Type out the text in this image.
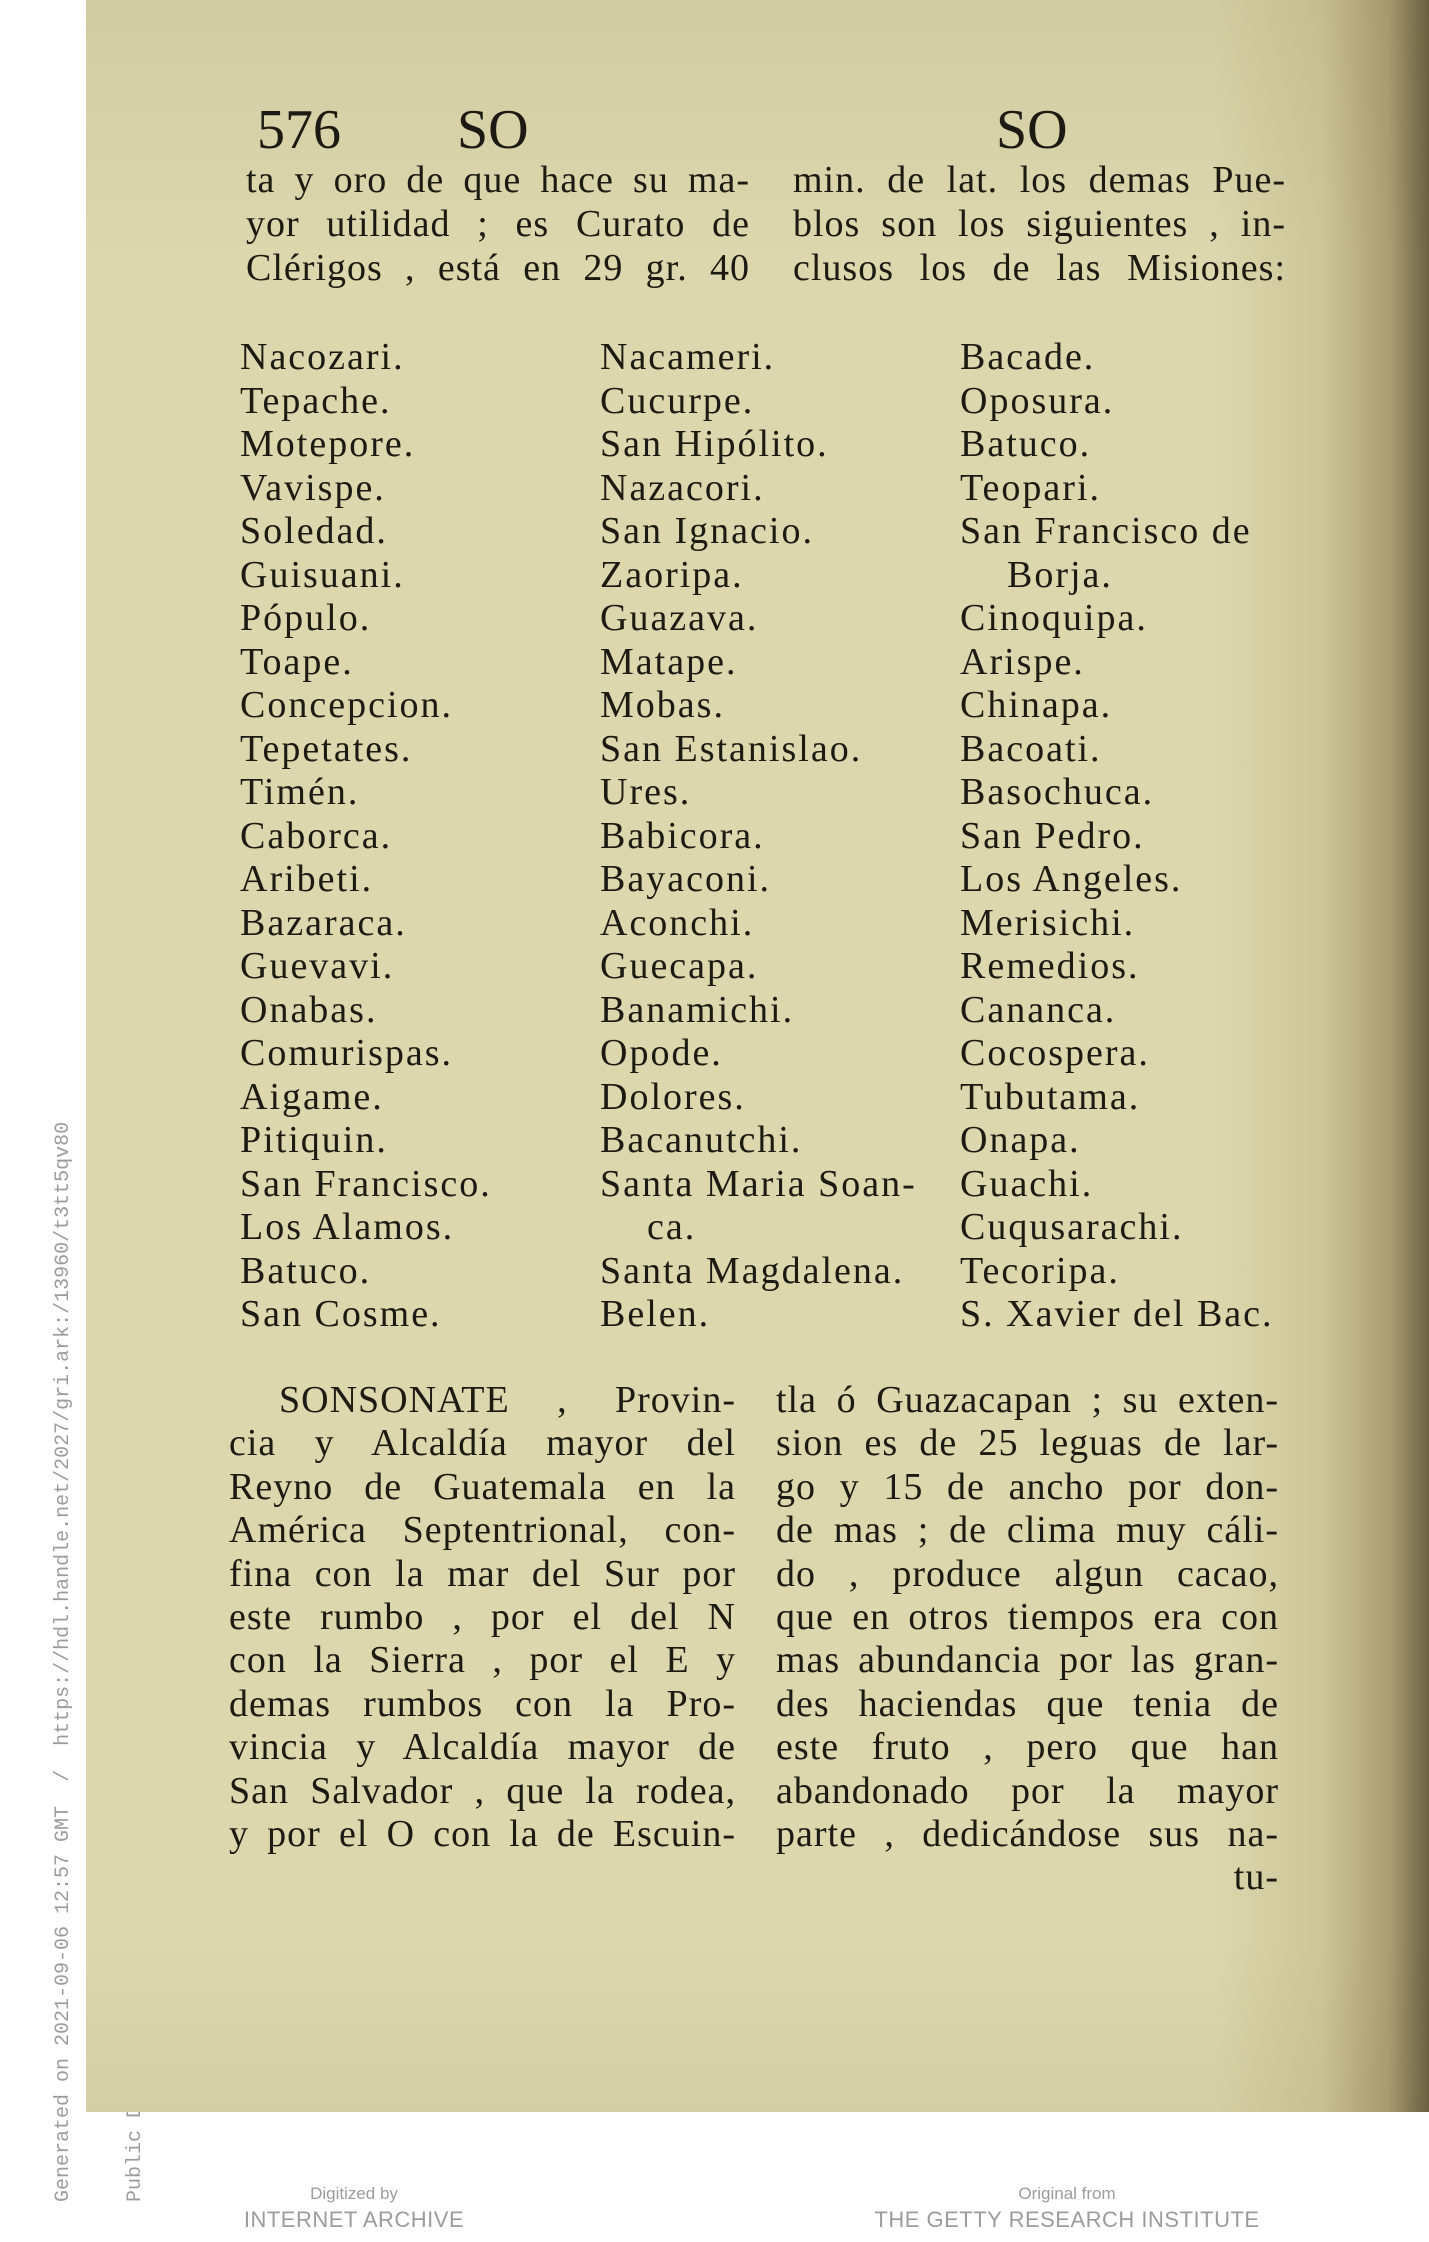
Generated on 2021-09-06 12:57 GMT  /  https://hdl.handle.net/2027/gri.ark:/13960/t3tt5qv80

576 SO	SO
ta y oro de que hace su ma-
yor utilidad ; es Curato de
Clérigos , está en 29 gr. 40
min. de lat. los demas Pue-
blos son los siguientes , in-
clusos los de las Misiones:
Nacozari.
Tepache.
Motepore.
Vavispe.
Soledad.
Guisuani.
Pópulo.
Toape.
Concepcion.
Tepetates.
Timén.
Caborca.
Aribeti.
Bazaraca.
Guevavi.
Onabas.
Comurispas.
Aigame.
Pitiquin.
San Francisco.
Los Alamos.
Batuco.
San Cosme.
Nacameri.
Cucurpe.
San Hipólito.
Nazacori.
San Ignacio.
Zaoripa.
Guazava.
Matape.
Mobas.
San Estanislao.
Ures.
Babicora.
Bayaconi.
Aconchi.
Guecapa.
Banamichi.
Opode.
Dolores.
Bacanutchi.
Santa Maria Soan-
ca.
Santa Magdalena.
Belen.
Bacade.
Oposura.
Batuco.
Teopari.
San Francisco de
Borja.
Cinoquipa.
Arispe.
Chinapa.
Bacoati.
Basochuca.
San Pedro.
Los Angeles.
Merisichi.
Remedios.
Cananca.
Cocospera.
Tubutama.
Onapa.
Guachi.
Cuqusarachi.
Tecoripa.
S. Xavier del Bac.
SONSONATE , Provin-
cia y Alcaldía mayor del
Reyno de Guatemala en la
América Septentrional, con-
fina con la mar del Sur por
este rumbo , por el del N
con la Sierra , por el E y
demas rumbos con la Pro-
vincia y Alcaldía mayor de
San Salvador , que la rodea,
y por el O con la de Escuin-
tla ó Guazacapan ; su exten-
sion es de 25 leguas de lar-
go y 15 de ancho por don-
de mas ; de clima muy cáli-
do , produce algun cacao,
que en otros tiempos era con
mas abundancia por las gran-
des haciendas que tenia de
este fruto , pero que han
abandonado por la mayor
parte , dedicándose sus na-
tu-
Digitized by
INTERNET ARCHIVE
Original from
THE GETTY RESEARCH INSTITUTE
